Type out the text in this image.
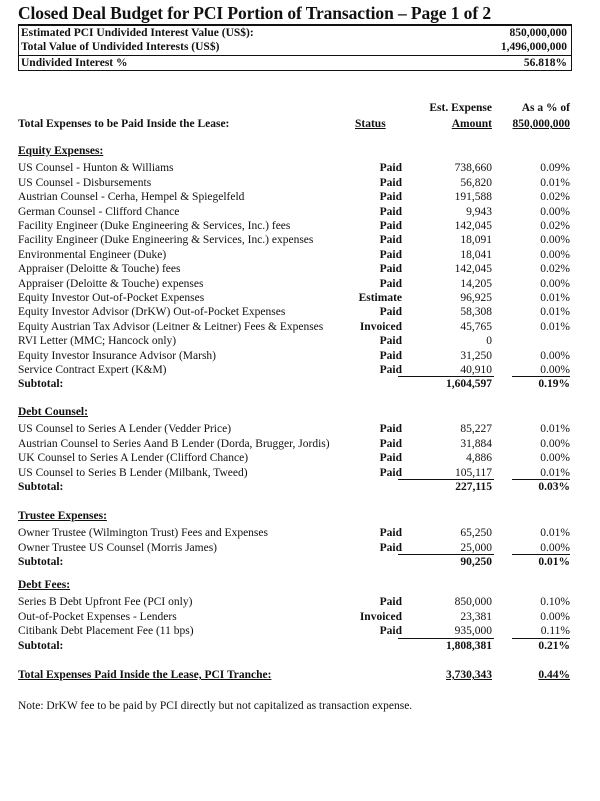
Closed Deal Budget for PCI Portion of Transaction – Page 1 of 2
Estimated PCI Undivided Interest Value (US$):	850,000,000
Total Value of Undivided Interests (US$)	1,496,000,000
Undivided Interest %	56.818%
Total Expenses to be Paid Inside the Lease:	Status
Est. Expense
Amount
As a % of
850,000,000
Equity Expenses:
US Counsel - Hunton & Williams	Paid	738,660	0.09%
US Counsel - Disbursements	Paid	56,820	0.01%
Austrian Counsel - Cerha, Hempel & Spiegelfeld	Paid	191,588	0.02%
German Counsel - Clifford Chance	Paid	9,943	0.00%
Facility Engineer (Duke Engineering & Services, Inc.) fees	Paid	142,045	0.02%
Facility Engineer (Duke Engineering & Services, Inc.) expenses	Paid	18,091	0.00%
Environmental Engineer (Duke)	Paid	18,041	0.00%
Appraiser (Deloitte & Touche) fees	Paid	142,045	0.02%
Appraiser (Deloitte & Touche) expenses	Paid	14,205	0.00%
Equity Investor Out-of-Pocket Expenses	Estimate	96,925	0.01%
Equity Investor Advisor (DrKW) Out-of-Pocket Expenses	Paid	58,308	0.01%
Equity Austrian Tax Advisor (Leitner & Leitner) Fees & Expenses	Invoiced	45,765	0.01%
RVI Letter (MMC; Hancock only)	Paid	0
Equity Investor Insurance Advisor (Marsh)	Paid	31,250	0.00%
Service Contract Expert (K&M)	Paid	40,910	0.00%
Subtotal:	1,604,597	0.19%
Debt Counsel:
US Counsel to Series A Lender (Vedder Price)	Paid	85,227	0.01%
Austrian Counsel to Series Aand B Lender (Dorda, Brugger, Jordis)	Paid	31,884	0.00%
UK Counsel to Series A Lender (Clifford Chance)	Paid	4,886	0.00%
US Counsel to Series B Lender (Milbank, Tweed)	Paid	105,117	0.01%
Subtotal:	227,115	0.03%
Trustee Expenses:
Owner Trustee (Wilmington Trust) Fees and Expenses	Paid	65,250	0.01%
Owner Trustee US Counsel (Morris James)	Paid	25,000	0.00%
Subtotal:	90,250	0.01%
Debt Fees:
Series B Debt Upfront Fee (PCI only)	Paid	850,000	0.10%
Out-of-Pocket Expenses - Lenders	Invoiced	23,381	0.00%
Citibank Debt Placement Fee (11 bps)	Paid	935,000	0.11%
Subtotal:	1,808,381	0.21%
Total Expenses Paid Inside the Lease, PCI Tranche:	3,730,343	0.44%
Note: DrKW fee to be paid by PCI directly but not capitalized as transaction expense.
